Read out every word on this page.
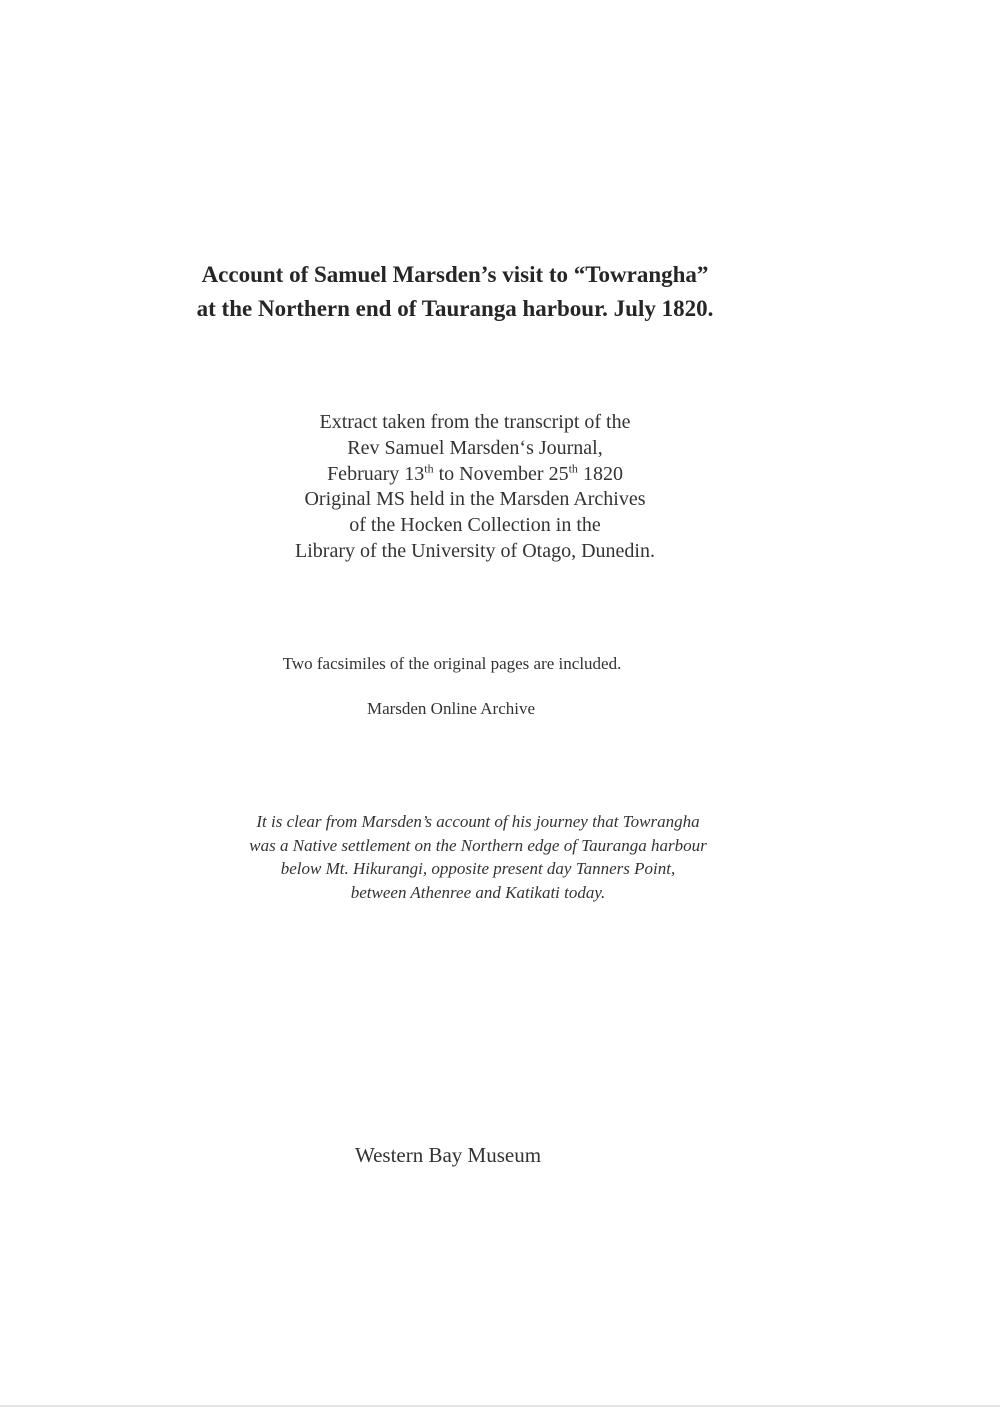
Account of Samuel Marsden’s visit to “Towrangha”
at the Northern end of Tauranga harbour. July 1820.
Extract taken from the transcript of the
Rev Samuel Marsden‘s Journal,
February 13th to November 25th 1820
Original MS held in the Marsden Archives
of the Hocken Collection in the
Library of the University of Otago, Dunedin.
Two facsimiles of the original pages are included.
Marsden Online Archive
It is clear from Marsden’s account of his journey that Towrangha
was a Native settlement on the Northern edge of Tauranga harbour
below Mt. Hikurangi, opposite present day Tanners Point,
between Athenree and Katikati today.
Western Bay Museum
